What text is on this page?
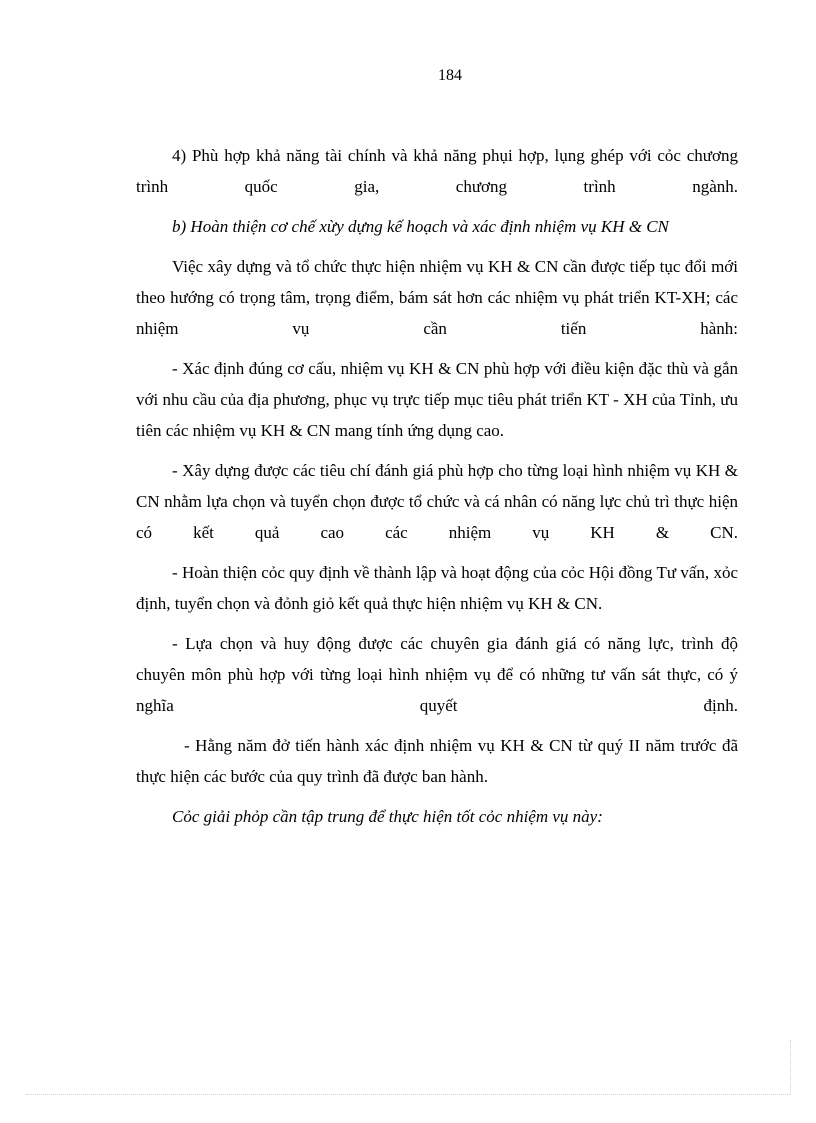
184

4) Phù hợp khả năng tài chính và khả năng phụi hợp, lụng ghép với cỏc chương trình quốc gia, chương trình ngành.

b) Hoàn thiện cơ chế xừy dựng kế hoạch và xác định nhiệm vụ KH & CN

Việc xây dựng và tổ chức thực hiện nhiệm vụ KH & CN cần được tiếp tục đổi mới theo hướng có trọng tâm, trọng điểm, bám sát hơn các nhiệm vụ phát triển KT-XH; các nhiệm vụ cần tiến hành:

- Xác định đúng cơ cấu, nhiệm vụ KH & CN phù hợp với điều kiện đặc thù và gắn với nhu cầu của địa phương, phục vụ trực tiếp mục tiêu phát triển KT - XH của Tỉnh, ưu tiên các nhiệm vụ KH & CN mang tính ứng dụng cao.

- Xây dựng được các tiêu chí đánh giá phù hợp cho từng loại hình nhiệm vụ KH & CN nhằm lựa chọn và tuyển chọn được tổ chức và cá nhân có năng lực chủ trì thực hiện có kết quả cao các nhiệm vụ KH & CN.

- Hoàn thiện cỏc quy định về thành lập và hoạt động của cỏc Hội đồng Tư vấn, xỏc định, tuyển chọn và đỏnh giỏ kết quả thực hiện nhiệm vụ KH & CN.

- Lựa chọn và huy động được các chuyên gia đánh giá có năng lực, trình độ chuyên môn phù hợp với từng loại hình nhiệm vụ để có những tư vấn sát thực, có ý nghĩa quyết định.

- Hằng năm đở tiến hành xác định nhiệm vụ KH & CN từ quý II năm trước đã thực hiện các bước của quy trình đã được ban hành.

Cỏc giải phỏp cần tập trung để thực hiện tốt cỏc nhiệm vụ này:
